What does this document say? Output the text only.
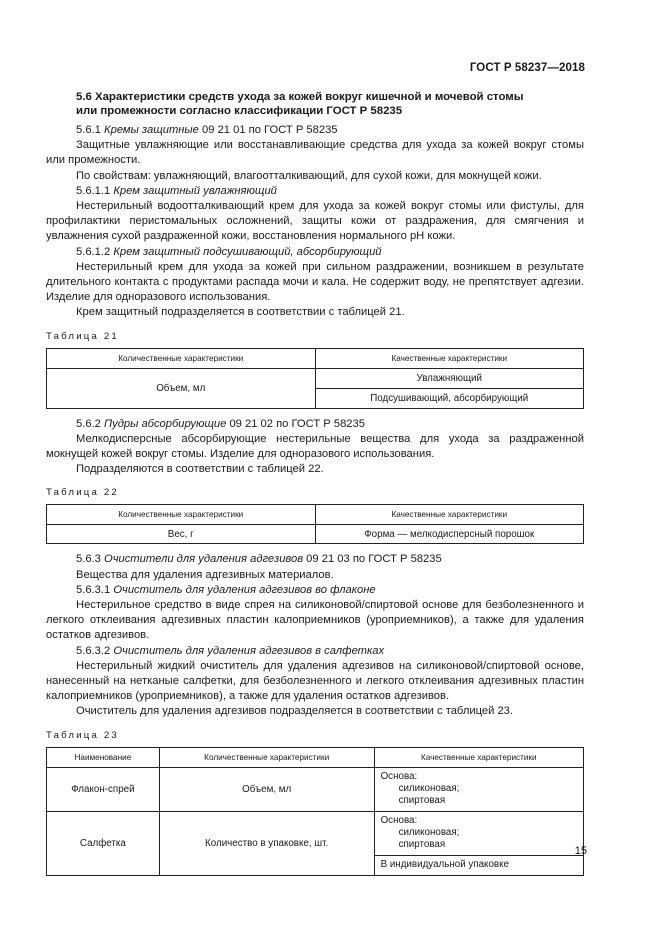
ГОСТ Р 58237—2018
5.6 Характеристики средств ухода за кожей вокруг кишечной и мочевой стомы
или промежности согласно классификации ГОСТ Р 58235

5.6.1 Кремы защитные 09 21 01 по ГОСТ Р 58235

Защитные увлажняющие или восстанавливающие средства для ухода за кожей вокруг стомы или промежности.

По свойствам: увлажняющий, влагоотталкивающий, для сухой кожи, для мокнущей кожи.

5.6.1.1 Крем защитный увлажняющий

Нестерильный водоотталкивающий крем для ухода за кожей вокруг стомы или фистулы, для профилактики перистомальных осложнений, защиты кожи от раздражения, для смягчения и увлажнения сухой раздраженной кожи, восстановления нормального pH кожи.

5.6.1.2 Крем защитный подсушивающий, абсорбирующий

Нестерильный крем для ухода за кожей при сильном раздражении, возникшем в результате длительного контакта с продуктами распада мочи и кала. Не содержит воду, не препятствует адгезии. Изделие для одноразового использования.

Крем защитный подразделяется в соответствии с таблицей 21.

Таблица 21
Количественные характеристики	Качественные характеристики
Объем, мл	Увлажняющий
	Подсушивающий, абсорбирующий

5.6.2 Пудры абсорбирующие 09 21 02 по ГОСТ Р 58235

Мелкодисперсные абсорбирующие нестерильные вещества для ухода за раздраженной мокнущей кожей вокруг стомы. Изделие для одноразового использования.

Подразделяются в соответствии с таблицей 22.

Таблица 22
Количественные характеристики	Качественные характеристики
Вес, г	Форма — мелкодисперсный порошок

5.6.3 Очистители для удаления адгезивов 09 21 03 по ГОСТ Р 58235

Вещества для удаления адгезивных материалов.

5.6.3.1 Очиститель для удаления адгезивов во флаконе

Нестерильное средство в виде спрея на силиконовой/спиртовой основе для безболезненного и легкого отклеивания адгезивных пластин калоприемников (уроприемников), а также для удаления остатков адгезивов.

5.6.3.2 Очиститель для удаления адгезивов в салфетках

Нестерильный жидкий очиститель для удаления адгезивов на силиконовой/спиртовой основе, нанесенный на нетканые салфетки, для безболезненного и легкого отклеивания адгезивных пластин калоприемников (уроприемников), а также для удаления остатков адгезивов.

Очиститель для удаления адгезивов подразделяется в соответствии с таблицей 23.

Таблица 23
Наименование	Количественные характеристики	Качественные характеристики
Флакон-спрей	Объем, мл	Основа:
силиконовая;
спиртовая

Салфетка	Количество в упаковке, шт.	Основа:
силиконовая;
спиртовая

		В индивидуальной упаковке
15
